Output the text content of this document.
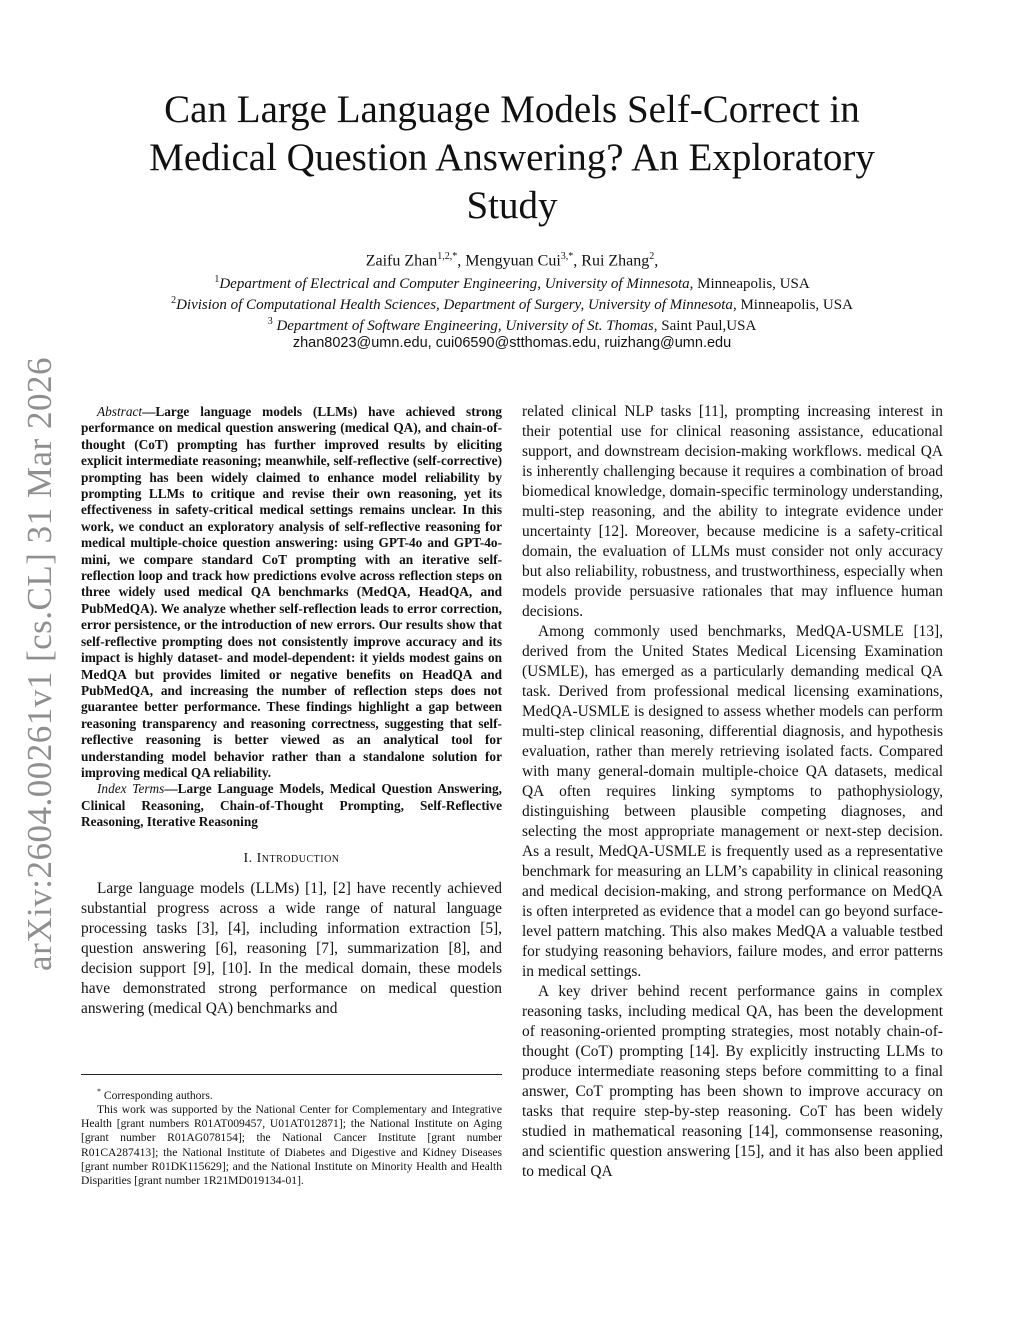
arXiv:2604.00261v1 [cs.CL] 31 Mar 2026
Can Large Language Models Self-Correct in Medical Question Answering? An Exploratory Study
Zaifu Zhan$^{1,2,*}$, Mengyuan Cui$^{3,*}$, Rui Zhang$^2$,
$^1$Department of Electrical and Computer Engineering, University of Minnesota, Minneapolis, USA
$^2$Division of Computational Health Sciences, Department of Surgery, University of Minnesota, Minneapolis, USA
$^3$ Department of Software Engineering, University of St. Thomas, Saint Paul,USA
zhan8023@umn.edu, cui06590@stthomas.edu, ruizhang@umn.edu

Abstract—Large language models (LLMs) have achieved strong performance on medical question answering (medical QA), and chain-of-thought (CoT) prompting has further improved results by eliciting explicit intermediate reasoning; meanwhile, self-reflective (self-corrective) prompting has been widely claimed to enhance model reliability by prompting LLMs to critique and revise their own reasoning, yet its effectiveness in safety-critical medical settings remains unclear. In this work, we conduct an exploratory analysis of self-reflective reasoning for medical multiple-choice question answering: using GPT-4o and GPT-4o-mini, we compare standard CoT prompting with an iterative self-reflection loop and track how predictions evolve across reflection steps on three widely used medical QA benchmarks (MedQA, HeadQA, and PubMedQA). We analyze whether self-reflection leads to error correction, error persistence, or the introduction of new errors. Our results show that self-reflective prompting does not consistently improve accuracy and its impact is highly dataset- and model-dependent: it yields modest gains on MedQA but provides limited or negative benefits on HeadQA and PubMedQA, and increasing the number of reflection steps does not guarantee better performance. These findings highlight a gap between reasoning transparency and reasoning correctness, suggesting that self-reflective reasoning is better viewed as an analytical tool for understanding model behavior rather than a standalone solution for improving medical QA reliability.

Index Terms—Large Language Models, Medical Question Answering, Clinical Reasoning, Chain-of-Thought Prompting, Self-Reflective Reasoning, Iterative Reasoning

I. Introduction

Large language models (LLMs) [1], [2] have recently achieved substantial progress across a wide range of natural language processing tasks [3], [4], including information extraction [5], question answering [6], reasoning [7], summarization [8], and decision support [9], [10]. In the medical domain, these models have demonstrated strong performance on medical question answering (medical QA) benchmarks and

* Corresponding authors.

This work was supported by the National Center for Complementary and Integrative Health [grant numbers R01AT009457, U01AT012871]; the National Institute on Aging [grant number R01AG078154]; the National Cancer Institute [grant number R01CA287413]; the National Institute of Diabetes and Digestive and Kidney Diseases [grant number R01DK115629]; and the National Institute on Minority Health and Health Disparities [grant number 1R21MD019134-01].

related clinical NLP tasks [11], prompting increasing interest in their potential use for clinical reasoning assistance, educational support, and downstream decision-making workflows. medical QA is inherently challenging because it requires a combination of broad biomedical knowledge, domain-specific terminology understanding, multi-step reasoning, and the ability to integrate evidence under uncertainty [12]. Moreover, because medicine is a safety-critical domain, the evaluation of LLMs must consider not only accuracy but also reliability, robustness, and trustworthiness, especially when models provide persuasive rationales that may influence human decisions.

Among commonly used benchmarks, MedQA-USMLE [13], derived from the United States Medical Licensing Examination (USMLE), has emerged as a particularly demanding medical QA task. Derived from professional medical licensing examinations, MedQA-USMLE is designed to assess whether models can perform multi-step clinical reasoning, differential diagnosis, and hypothesis evaluation, rather than merely retrieving isolated facts. Compared with many general-domain multiple-choice QA datasets, medical QA often requires linking symptoms to pathophysiology, distinguishing between plausible competing diagnoses, and selecting the most appropriate management or next-step decision. As a result, MedQA-USMLE is frequently used as a representative benchmark for measuring an LLM’s capability in clinical reasoning and medical decision-making, and strong performance on MedQA is often interpreted as evidence that a model can go beyond surface-level pattern matching. This also makes MedQA a valuable testbed for studying reasoning behaviors, failure modes, and error patterns in medical settings.

A key driver behind recent performance gains in complex reasoning tasks, including medical QA, has been the development of reasoning-oriented prompting strategies, most notably chain-of-thought (CoT) prompting [14]. By explicitly instructing LLMs to produce intermediate reasoning steps before committing to a final answer, CoT prompting has been shown to improve accuracy on tasks that require step-by-step reasoning. CoT has been widely studied in mathematical reasoning [14], commonsense reasoning, and scientific question answering [15], and it has also been applied to medical QA
